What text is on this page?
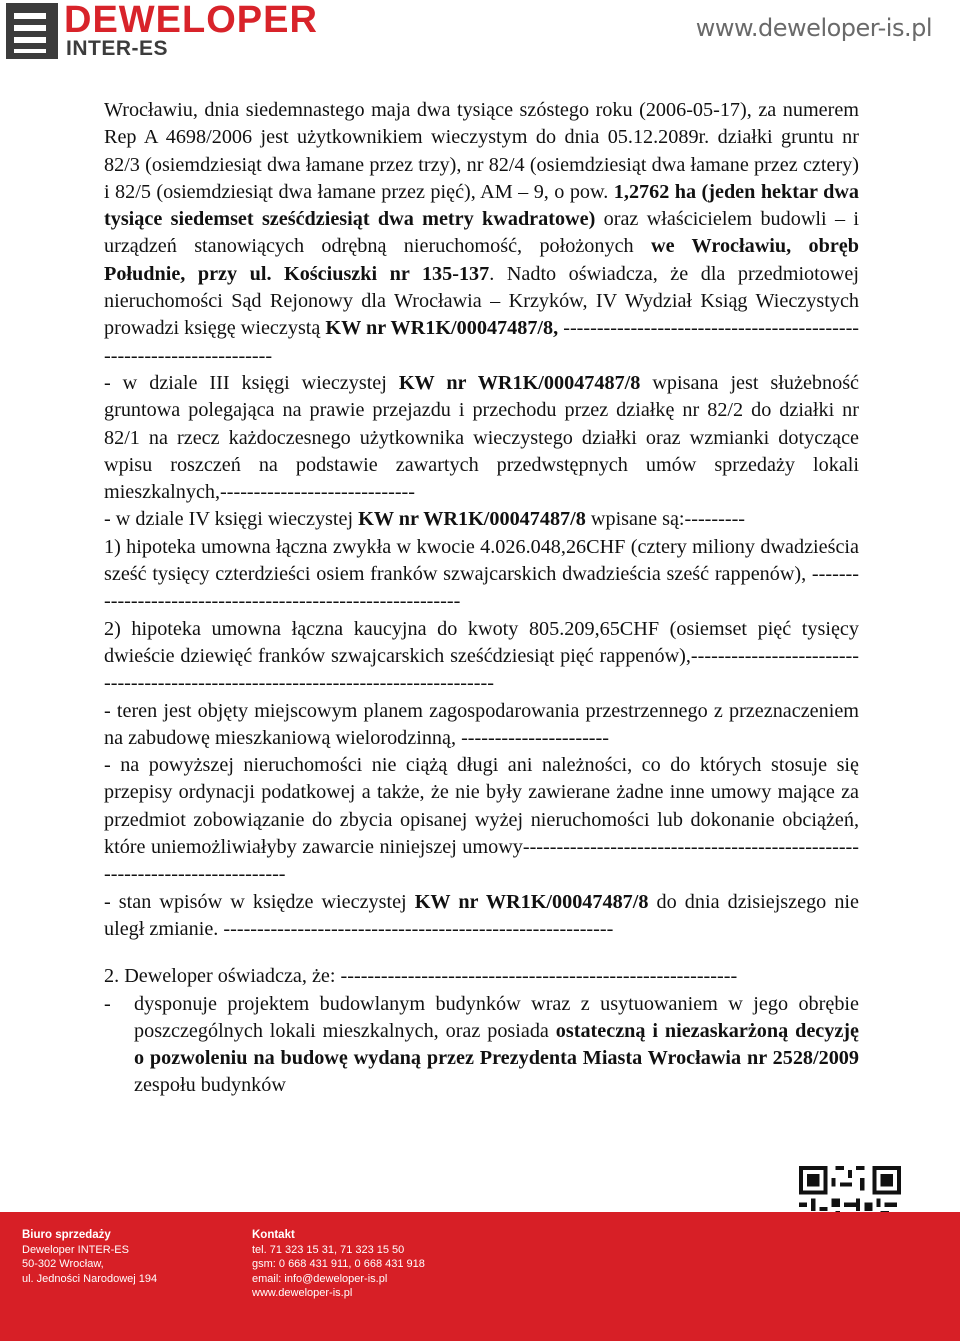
DEWELOPER
INTER-ES
www.deweloper-is.pl

Wrocławiu, dnia siedemnastego maja dwa tysiące szóstego roku (2006-05-17), za numerem Rep A 4698/2006 jest użytkownikiem wieczystym do dnia 05.12.2089r. działki gruntu nr 82/3 (osiemdziesiąt dwa łamane przez trzy), nr 82/4 (osiemdziesiąt dwa łamane przez cztery) i 82/5 (osiemdziesiąt dwa łamane przez pięć), AM – 9, o pow. 1,2762 ha (jeden hektar dwa tysiące siedemset sześćdziesiąt dwa metry kwadratowe) oraz właścicielem budowli – i urządzeń stanowiących odrębną nieruchomość, położonych we Wrocławiu, obręb Południe, przy ul. Kościuszki nr 135-137. Nadto oświadcza, że dla przedmiotowej nieruchomości Sąd Rejonowy dla Wrocławia – Krzyków, IV Wydział Ksiąg Wieczystych prowadzi księgę wieczystą KW nr WR1K/00047487/8, ---------------------------------------------------------------------

- w dziale III księgi wieczystej KW nr WR1K/00047487/8 wpisana jest służebność gruntowa polegająca na prawie przejazdu i przechodu przez działkę nr 82/2 do działki nr 82/1 na rzecz każdoczesnego użytkownika wieczystego działki oraz wzmianki dotyczące wpisu roszczeń na podstawie zawartych przedwstępnych umów sprzedaży lokali mieszkalnych,-----------------------------

- w dziale IV księgi wieczystej KW nr WR1K/00047487/8 wpisane są:---------

1) hipoteka umowna łączna zwykła w kwocie 4.026.048,26CHF (cztery miliony dwadzieścia sześć tysięcy czterdzieści osiem franków szwajcarskich dwadzieścia sześć rappenów), ------------------------------------------------------------

2) hipoteka umowna łączna kaucyjna do kwoty 805.209,65CHF (osiemset pięć tysięcy dwieście dziewięć franków szwajcarskich sześćdziesiąt pięć rappenów),-----------------------------------------------------------------------------------

- teren jest objęty miejscowym planem zagospodarowania przestrzennego z przeznaczeniem na zabudowę mieszkaniową wielorodzinną, ----------------------

- na powyższej nieruchomości nie ciążą długi ani należności, co do których stosuje się przepisy ordynacji podatkowej a także, że nie były zawierane żadne inne umowy mające za przedmiot zobowiązanie do zbycia opisanej wyżej nieruchomości lub dokonanie obciążeń, które uniemożliwiałyby zawarcie niniejszej umowy-----------------------------------------------------------------------------

- stan wpisów w księdze wieczystej KW nr WR1K/00047487/8 do dnia dzisiejszego nie uległ zmianie. ----------------------------------------------------------

2. Deweloper oświadcza, że: -----------------------------------------------------------

-	dysponuje projektem budowlanym budynków wraz z usytuowaniem w jego obrębie poszczególnych lokali mieszkalnych, oraz posiada ostateczną i niezaskarżoną decyzję o pozwoleniu na budowę wydaną przez Prezydenta Miasta Wrocławia nr 2528/2009 zespołu budynków

Biuro sprzedaży
Deweloper INTER-ES
50-302 Wrocław,
ul. Jedności Narodowej 194
Kontakt
tel. 71 323 15 31, 71 323 15 50
gsm: 0 668 431 911, 0 668 431 918
email: info@deweloper-is.pl
www.deweloper-is.pl
